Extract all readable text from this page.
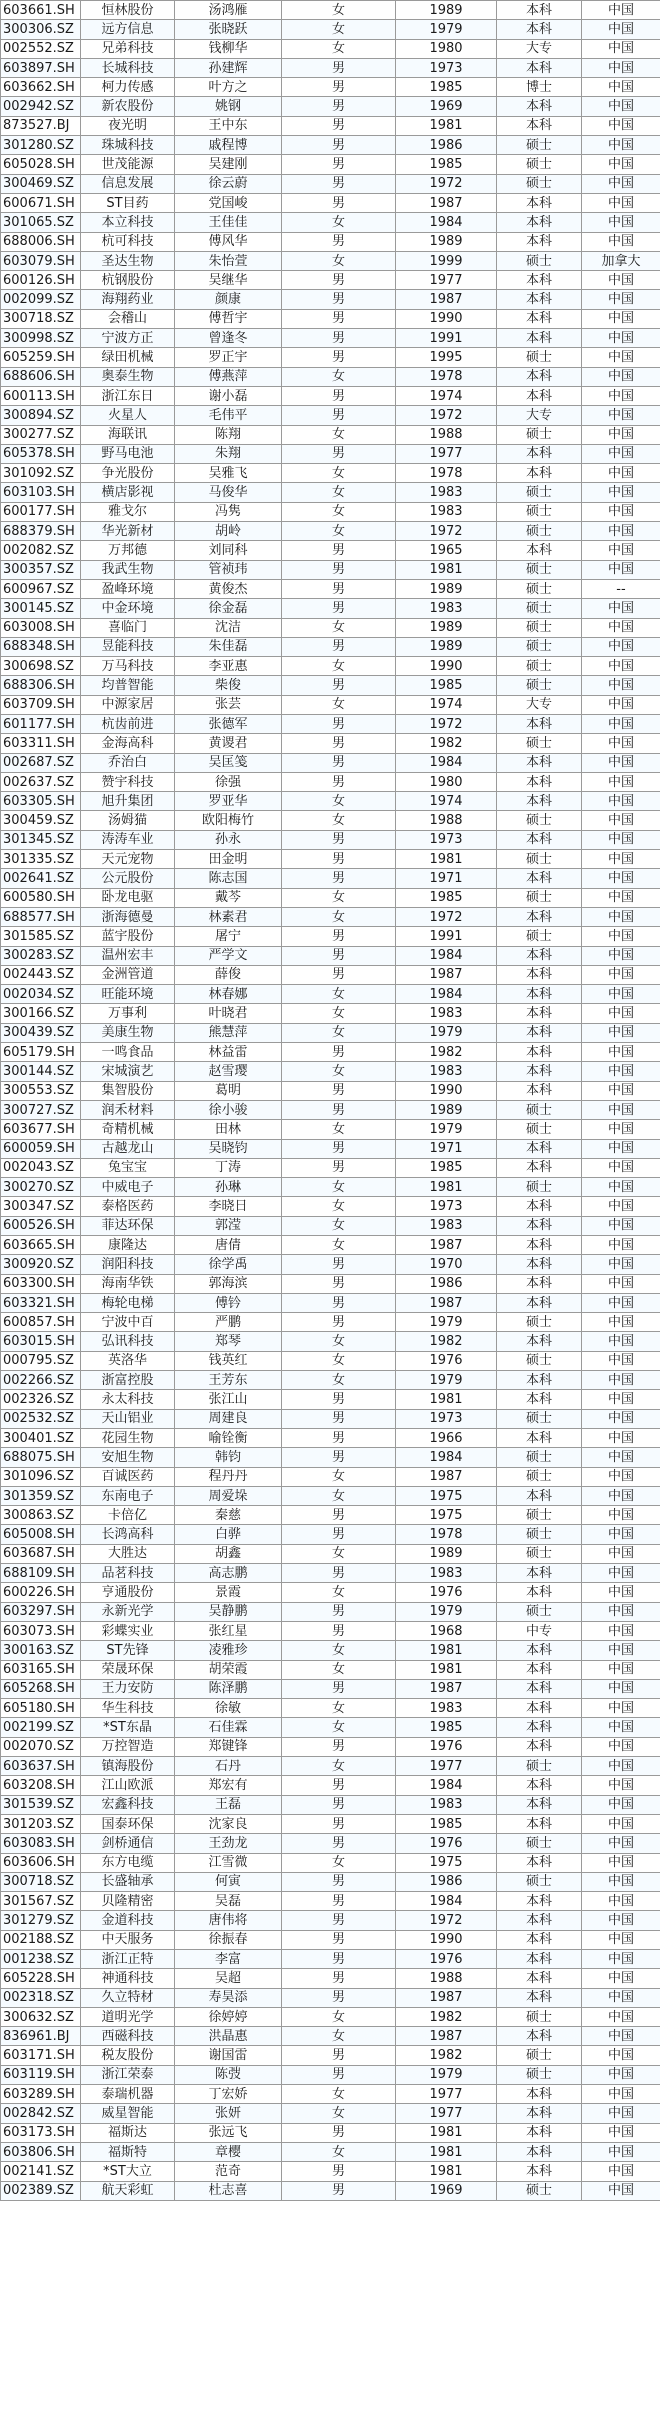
603661.SH	恒林股份	汤鸿雁	女	1989	本科	中国
300306.SZ	远方信息	张晓跃	女	1979	本科	中国
002552.SZ	兄弟科技	钱柳华	女	1980	大专	中国
603897.SH	长城科技	孙建辉	男	1973	本科	中国
603662.SH	柯力传感	叶方之	男	1985	博士	中国
002942.SZ	新农股份	姚钢	男	1969	本科	中国
873527.BJ	夜光明	王中东	男	1981	本科	中国
301280.SZ	珠城科技	戚程博	男	1986	硕士	中国
605028.SH	世茂能源	吴建刚	男	1985	硕士	中国
300469.SZ	信息发展	徐云蔚	男	1972	硕士	中国
600671.SH	ST目药	党国峻	男	1987	本科	中国
301065.SZ	本立科技	王佳佳	女	1984	本科	中国
688006.SH	杭可科技	傅风华	男	1989	本科	中国
603079.SH	圣达生物	朱怡萱	女	1999	硕士	加拿大
600126.SH	杭钢股份	吴继华	男	1977	本科	中国
002099.SZ	海翔药业	颜康	男	1987	本科	中国
300718.SZ	会稽山	傅哲宇	男	1990	本科	中国
300998.SZ	宁波方正	曾逢冬	男	1991	本科	中国
605259.SH	绿田机械	罗正宇	男	1995	硕士	中国
688606.SH	奥泰生物	傅燕萍	女	1978	本科	中国
600113.SH	浙江东日	谢小磊	男	1974	本科	中国
300894.SZ	火星人	毛伟平	男	1972	大专	中国
300277.SZ	海联讯	陈翔	女	1988	硕士	中国
605378.SH	野马电池	朱翔	男	1977	本科	中国
301092.SZ	争光股份	吴雅飞	女	1978	本科	中国
603103.SH	横店影视	马俊华	女	1983	硕士	中国
600177.SH	雅戈尔	冯隽	女	1983	硕士	中国
688379.SH	华光新材	胡岭	女	1972	硕士	中国
002082.SZ	万邦德	刘同科	男	1965	本科	中国
300357.SZ	我武生物	管祯玮	男	1981	硕士	中国
600967.SZ	盈峰环境	黄俊杰	男	1989	硕士	--
300145.SZ	中金环境	徐金磊	男	1983	硕士	中国
603008.SH	喜临门	沈洁	女	1989	硕士	中国
688348.SH	昱能科技	朱佳磊	男	1989	硕士	中国
300698.SZ	万马科技	李亚惠	女	1990	硕士	中国
688306.SH	均普智能	柴俊	男	1985	硕士	中国
603709.SH	中源家居	张芸	女	1974	大专	中国
601177.SH	杭齿前进	张德军	男	1972	本科	中国
603311.SH	金海高科	黄谡君	男	1982	硕士	中国
002687.SZ	乔治白	吴匡笺	男	1984	本科	中国
002637.SZ	赞宇科技	徐强	男	1980	本科	中国
603305.SH	旭升集团	罗亚华	女	1974	本科	中国
300459.SZ	汤姆猫	欧阳梅竹	女	1988	硕士	中国
301345.SZ	涛涛车业	孙永	男	1973	本科	中国
301335.SZ	天元宠物	田金明	男	1981	硕士	中国
002641.SZ	公元股份	陈志国	男	1971	本科	中国
600580.SH	卧龙电驱	戴芩	女	1985	硕士	中国
688577.SH	浙海德曼	林素君	女	1972	本科	中国
301585.SZ	蓝宇股份	屠宁	男	1991	硕士	中国
300283.SZ	温州宏丰	严学文	男	1984	本科	中国
002443.SZ	金洲管道	薛俊	男	1987	本科	中国
002034.SZ	旺能环境	林春娜	女	1984	本科	中国
300166.SZ	万事利	叶晓君	女	1983	本科	中国
300439.SZ	美康生物	熊慧萍	女	1979	本科	中国
605179.SH	一鸣食品	林益雷	男	1982	本科	中国
300144.SZ	宋城演艺	赵雪璎	女	1983	本科	中国
300553.SZ	集智股份	葛明	男	1990	本科	中国
300727.SZ	润禾材料	徐小骏	男	1989	硕士	中国
603677.SH	奇精机械	田林	女	1979	硕士	中国
600059.SH	古越龙山	吴晓钧	男	1971	本科	中国
002043.SZ	兔宝宝	丁涛	男	1985	本科	中国
300270.SZ	中威电子	孙琳	女	1981	硕士	中国
300347.SZ	泰格医药	李晓日	女	1973	本科	中国
600526.SH	菲达环保	郭滢	女	1983	本科	中国
603665.SH	康隆达	唐倩	女	1987	本科	中国
300920.SZ	润阳科技	徐学禹	男	1970	本科	中国
603300.SH	海南华铁	郭海滨	男	1986	本科	中国
603321.SH	梅轮电梯	傅钤	男	1987	本科	中国
600857.SH	宁波中百	严鹏	男	1979	硕士	中国
603015.SH	弘讯科技	郑琴	女	1982	本科	中国
000795.SZ	英洛华	钱英红	女	1976	硕士	中国
002266.SZ	浙富控股	王芳东	女	1979	本科	中国
002326.SZ	永太科技	张江山	男	1981	本科	中国
002532.SZ	天山铝业	周建良	男	1973	硕士	中国
300401.SZ	花园生物	喻铨衡	男	1966	本科	中国
688075.SH	安旭生物	韩钧	男	1984	硕士	中国
301096.SZ	百诚医药	程丹丹	女	1987	硕士	中国
301359.SZ	东南电子	周爱垛	女	1975	本科	中国
300863.SZ	卡倍亿	秦慈	男	1975	硕士	中国
605008.SH	长鸿高科	白骅	男	1978	硕士	中国
603687.SH	大胜达	胡鑫	女	1989	硕士	中国
688109.SH	品茗科技	高志鹏	男	1983	本科	中国
600226.SH	亨通股份	景霞	女	1976	本科	中国
603297.SH	永新光学	吴静鹏	男	1979	硕士	中国
603073.SH	彩蝶实业	张红星	男	1968	中专	中国
300163.SZ	ST先锋	凌雅珍	女	1981	本科	中国
603165.SH	荣晟环保	胡荣霞	女	1981	本科	中国
605268.SH	王力安防	陈泽鹏	男	1987	本科	中国
605180.SH	华生科技	徐敏	女	1983	本科	中国
002199.SZ	*ST东晶	石佳霖	女	1985	本科	中国
002070.SZ	万控智造	郑键锋	男	1976	本科	中国
603637.SH	镇海股份	石丹	女	1977	硕士	中国
603208.SH	江山欧派	郑宏有	男	1984	本科	中国
301539.SZ	宏鑫科技	王磊	男	1983	本科	中国
301203.SZ	国泰环保	沈家良	男	1985	本科	中国
603083.SH	剑桥通信	王劲龙	男	1976	硕士	中国
603606.SH	东方电缆	江雪微	女	1975	本科	中国
300718.SZ	长盛轴承	何寅	男	1986	硕士	中国
301567.SZ	贝隆精密	吴磊	男	1984	本科	中国
301279.SZ	金道科技	唐伟将	男	1972	本科	中国
002188.SZ	中天服务	徐振春	男	1990	本科	中国
001238.SZ	浙江正特	李富	男	1976	本科	中国
605228.SH	神通科技	吴超	男	1988	本科	中国
002318.SZ	久立特材	寿昊添	男	1987	本科	中国
300632.SZ	道明光学	徐婷婷	女	1982	硕士	中国
836961.BJ	西磁科技	洪晶惠	女	1987	本科	中国
603171.SH	税友股份	谢国雷	男	1982	硕士	中国
603119.SH	浙江荣泰	陈弢	男	1979	硕士	中国
603289.SH	泰瑞机器	丁宏娇	女	1977	本科	中国
002842.SZ	威星智能	张妍	女	1977	本科	中国
603173.SH	福斯达	张远飞	男	1981	本科	中国
603806.SH	福斯特	章樱	女	1981	本科	中国
002141.SZ	*ST大立	范奇	男	1981	本科	中国
002389.SZ	航天彩虹	杜志喜	男	1969	硕士	中国
